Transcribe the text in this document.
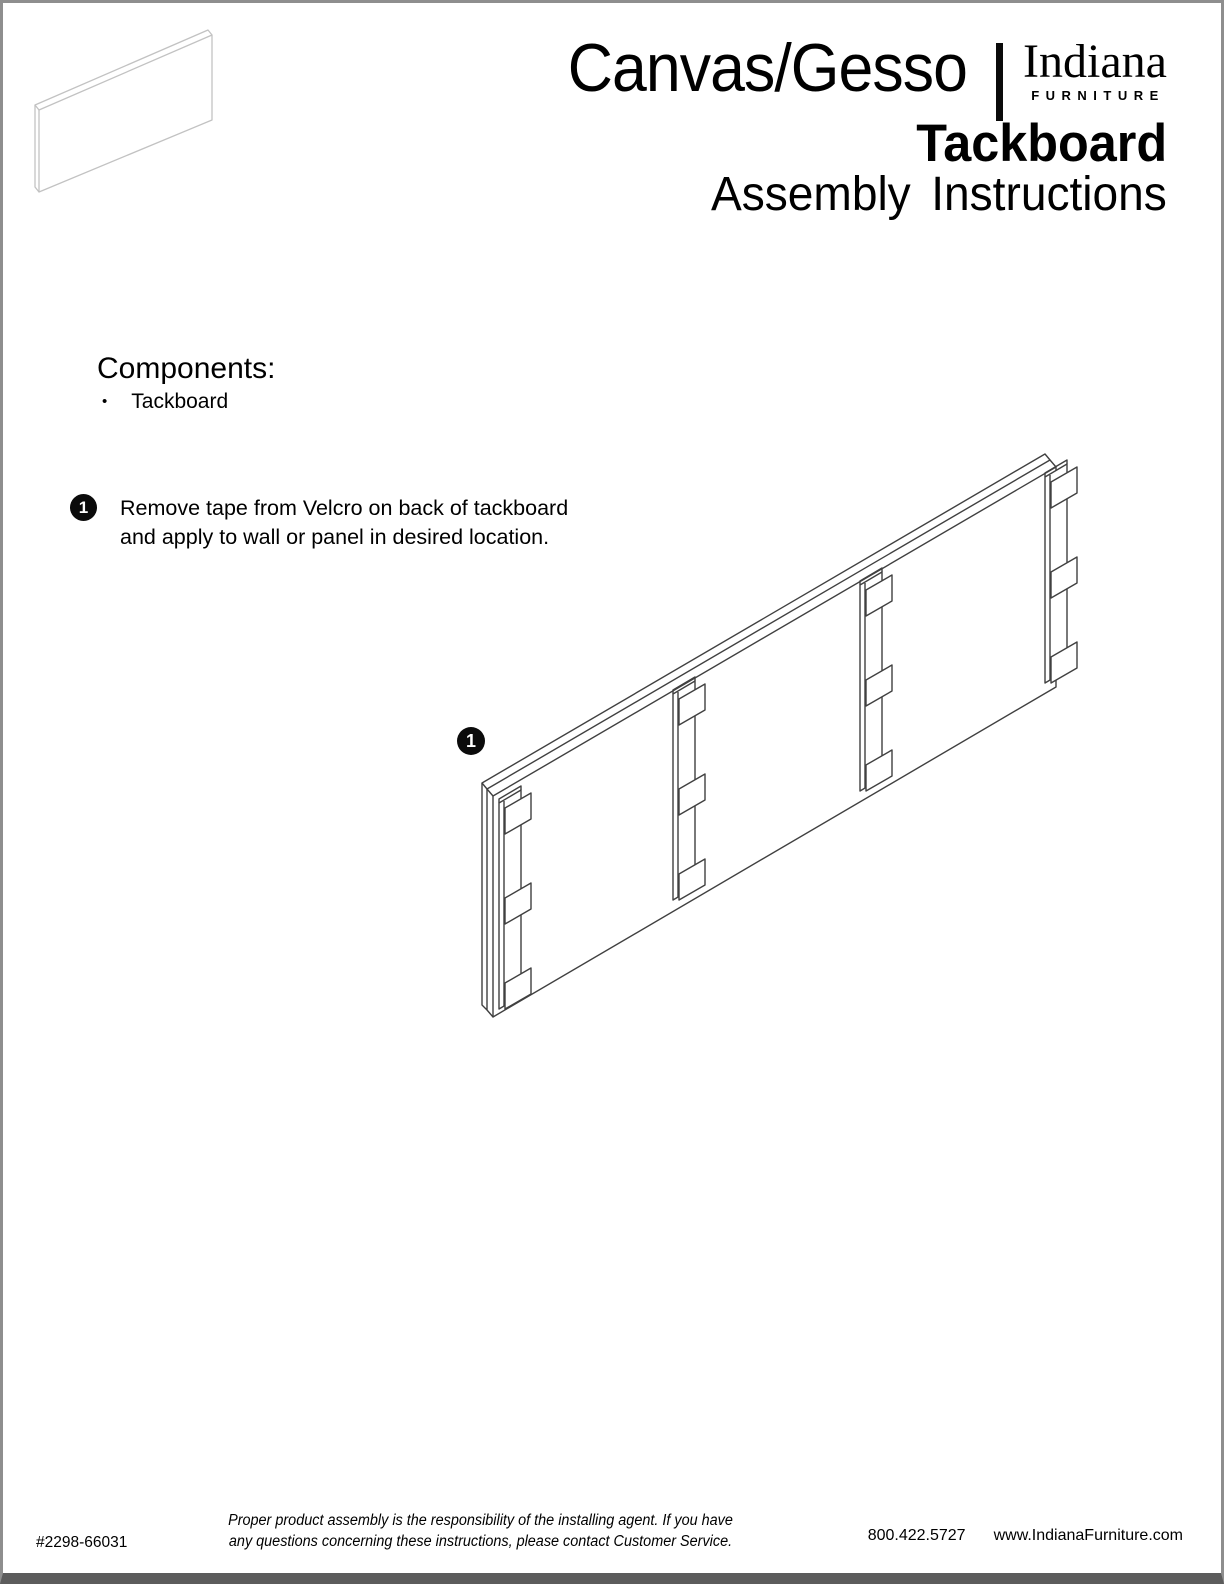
Canvas/Gesso Indiana
FURNITURE
Tackboard
Assembly Instructions
Components:
• Tackboard
1	Remove tape from Velcro on back of tackboard
and apply to wall or panel in desired location.
1
#2298-66031
Proper product assembly is the responsibility of the installing agent. If you have
any questions concerning these instructions, please contact Customer Service.	800.422.5727 www.IndianaFurniture.com
